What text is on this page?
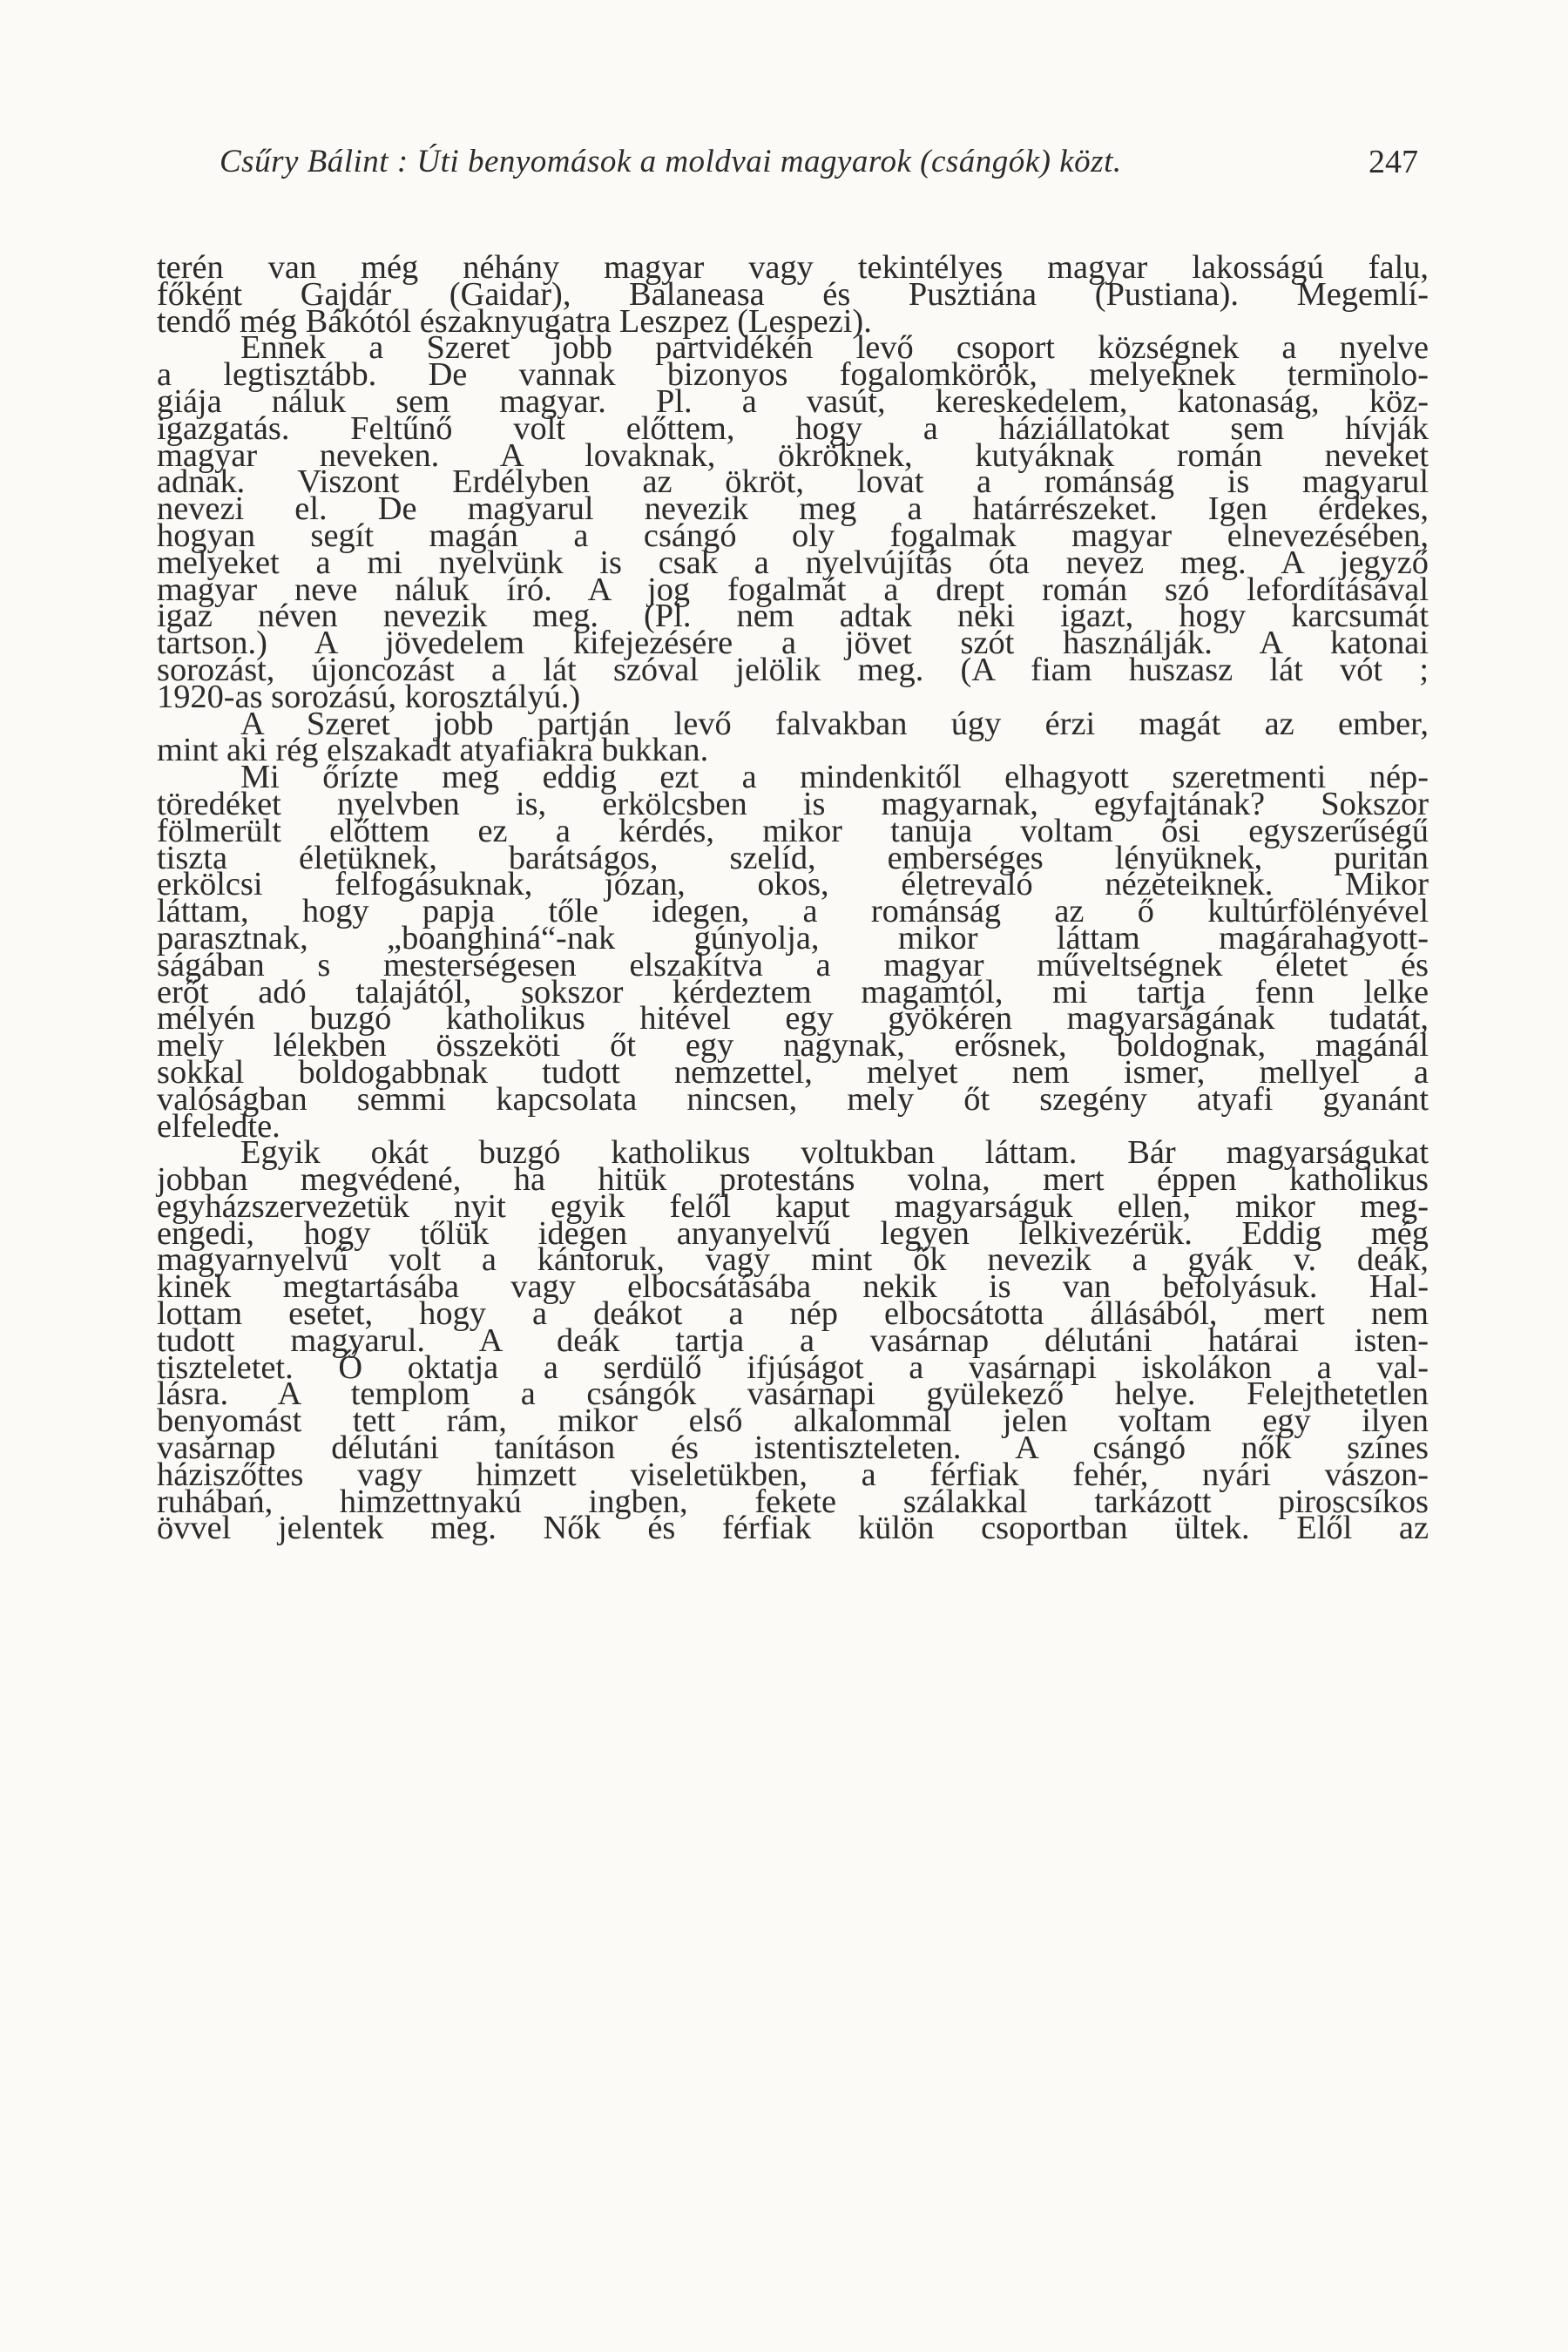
Csűry Bálint : Úti benyomások a moldvai magyarok (csángók) közt.	247
terén van még néhány magyar vagy tekintélyes magyar lakosságú falu,
főként Gajdár (Gaidar), Balaneasa és Pusztiána (Pustiana). Megemlí-
tendő még Bákótól északnyugatra Leszpez (Lespezi).
Ennek a Szeret jobb partvidékén levő csoport községnek a nyelve
a legtisztább. De vannak bizonyos fogalomkörök, melyeknek terminolo-
giája náluk sem magyar. Pl. a vasút, kereskedelem, katonaság, köz-
igazgatás. Feltűnő volt előttem, hogy a háziállatokat sem hívják
magyar neveken. A lovaknak, ökröknek, kutyáknak román neveket
adnak. Viszont Erdélyben az ökröt, lovat a románság is magyarul
nevezi el. De magyarul nevezik meg a határrészeket. Igen érdekes,
hogyan segít magán a csángó oly fogalmak magyar elnevezésében,
melyeket a mi nyelvünk is csak a nyelvújítás óta nevez meg. A jegyző
magyar neve náluk író. A jog fogalmát a drept román szó lefordításával
igaz néven nevezik meg. (Pl. nem adtak neki igazt, hogy karcsumát
tartson.) A jövedelem kifejezésére a jövet szót használják. A katonai
sorozást, újoncozást a lát szóval jelölik meg. (A fiam huszasz lát vót ;
1920-as sorozású, korosztályú.)
A Szeret jobb partján levő falvakban úgy érzi magát az ember,
mint aki rég elszakadt atyafiakra bukkan.
Mi őrízte meg eddig ezt a mindenkitől elhagyott szeretmenti nép-
töredéket nyelvben is, erkölcsben is magyarnak, egyfajtának? Sokszor
fölmerült előttem ez a kérdés, mikor tanuja voltam ősi egyszerűségű
tiszta életüknek, barátságos, szelíd, emberséges lényüknek, puritán
erkölcsi felfogásuknak, józan, okos, életrevaló nézeteiknek. Mikor
láttam, hogy papja tőle idegen, a románság az ő kultúrfölényével
parasztnak, „boanghiná“-nak gúnyolja, mikor láttam magárahagyott-
ságában s mesterségesen elszakítva a magyar műveltségnek életet és
erőt adó talajától, sokszor kérdeztem magamtól, mi tartja fenn lelke
mélyén buzgó katholikus hitével egy gyökéren magyarságának tudatát,
mely lélekben összeköti őt egy nagynak, erősnek, boldognak, magánál
sokkal boldogabbnak tudott nemzettel, melyet nem ismer, mellyel a
valóságban semmi kapcsolata nincsen, mely őt szegény atyafi gyanánt
elfeledte.
Egyik okát buzgó katholikus voltukban láttam. Bár magyarságukat
jobban megvédené, ha hitük protestáns volna, mert éppen katholikus
egyházszervezetük nyit egyik felől kaput magyarságuk ellen, mikor meg-
engedi, hogy tőlük idegen anyanyelvű legyen lelkivezérük. Eddig még
magyarnyelvű volt a kántoruk, vagy mint ők nevezik a gyák v. deák,
kinek megtartásába vagy elbocsátásába nekik is van befolyásuk. Hal-
lottam esetet, hogy a deákot a nép elbocsátotta állásából, mert nem
tudott magyarul. A deák tartja a vasárnap délutáni határai isten-
tiszteletet. Ő oktatja a serdülő ifjúságot a vasárnapi iskolákon a val-
lásra. A templom a csángók vasárnapi gyülekező helye. Felejthetetlen
benyomást tett rám, mikor első alkalommal jelen voltam egy ilyen
vasárnap délutáni tanításon és istentiszteleten. A csángó nők színes
háziszőttes vagy himzett viseletükben, a férfiak fehér, nyári vászon-
ruhábań, himzettnyakú ingben, fekete szálakkal tarkázott piroscsíkos
övvel jelentek meg. Nők és férfiak külön csoportban ültek. Elől az
